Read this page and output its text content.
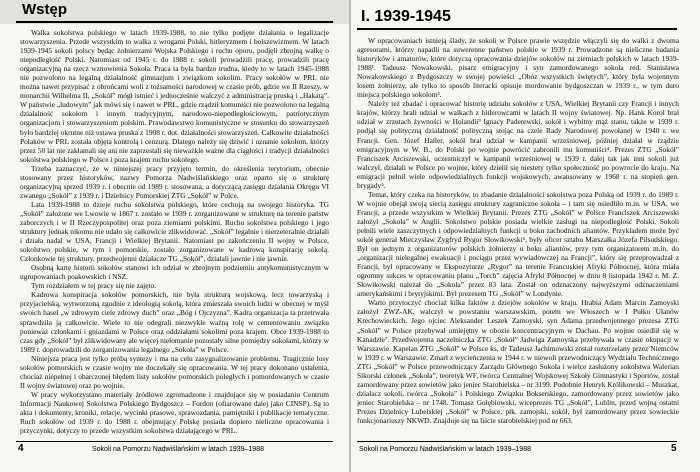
Wstęp

Walka sokolstwa polskiego w latach 1939-1988, to nie tylko podjęte działania o legalizacje stowarzyszenia. Przede wszystkim to walka z wrogami Polski, hitleryzmem i bolszewizmem. W latach 1939-1945 sokoli polscy będąc żołnierzami Wojska Polskiego i ruchu oporu, podjęli zbrojną walkę o niepodległość Polski. Natomiast od 1945 r. do 1988 r. sokoli prowadzili pracę, prowadzili pracę organizacyjną na rzecz wznowienia Sokoła. Praca ta była bardzo trudna, kiedy to w latach 1945-1988 nie pozwolono na legalną działalność gimnazjum i związkom sokolim. Pracy sokołów w PRL nie można nawet przypisać z obrońcami woli z tożsamości narodowej w czasie prób, gdzie we II Rzeszy, w monarchii Wilhelma II, „Sokół” mógł istnieć i jednocześnie walczyć z administracją pruską i „Hakatą”. W państwie „ludowym” jak mówi się i nawet w PRL, gdzie rządził komuniści nie pozwolono na legalną działalność sokołom i innym tradycyjnym, narodowo-niepodległościowym, patriotycznym organizacjom i stowarzyszeniom polskim. Prawodawstwo komunistyczne w stosunku do stowarzyszeń było bardziej okrutne niż ustawa pruska z 1908 r. dot. działalności stowarzyszeń. Całkowite działalności Polaków w PRL została objęta kontrolą i cenzurą. Dlatego należy się dziwić i uznanie sokołom, którzy przez 50 lat nie zakłamali się ani nie zaprzestali się nieważkle ważne dla ciągłości i tradycji działalności sokolstwa polskiego w Polsce i poza krajem ruchu sokolego.

Trzeba zaznaczyć, że w niniejszej pracy przyjęto termin, do określenia terytorium, obecnie stosowany przez historyków, nazwy Pomorza Nadwiślańskiego oraz oparto się o strukturę organizacyjną sprzed 1939 r. i obecnie od 1989 r. stosowana, a dotyczącą zasięgu działania Okręgu VI zwanego „Sokół” z 1939 r. i Dzielnicy Pomorskiej ZTG „Sokół” w Polce.

Lata 1939-1988 to dzieje ruchu sokolstwa polskiego, które cechują na swojego historyka. TG „Sokół” założone we Lwowie w 1867 r. zostało w 1939 r. zorganizowane w strukturę na terenie państw zaborczych i w II Rzeczypospolitej oraz poza ziemiami polskimi. Ruchu sokolstwa polskiego i jego struktury jednak nikomu nie udało się całkowicie zlikwidować. „Sokół” legalnie i nierzeteralnie działali i działa nadal w USA, Francji i Wielkiej Brytanii. Natomiast po zakończeniu II wojny w Polsce, sokolstwo polskie, w tym i pomorskie, zostało zorganizowane w kadrową konspirację sokolą. Członkowie tej struktury, przedwojenni działacze TG „Sokół”, działali jawnie i nie jawnie.

Osobną kartę historii sokołów stanowi ich udział w zbrojnym podziemiu antykomunistycznym w ugrupowaniach poakowskich i NSZ.

Tym rozdziałem w tej pracy się nie zajęto.

Kadrowa konspiracja sokołów pomorskich, nie była strukturą wojskową, lecz towarzyską i przyjacielską, wytworzoną zgodnie z ideologią sokolą, która zmieszała swoich ludzi w obecnej w myśl swoich haseł „w zdrowym ciele zdrowy duch” oraz „Bóg i Ojczyzna”. Kadra organizacja ta przetrwała sprawdziła ją całkowicie. Wiele to nie odegrali niezwykłe ważną rolę w cementowaniu związku ponieważ członkami i gniazdami w Polsce oraz oddziałami sokolimi poza krajem. Obce 1939-1988 to czas gdy „Sokół” był zlikwidowany ale więcej niełomanie pozostały silne pomiędzy sokołami, którzy w 1989 r. doprowadzili do zorganizowania legalnego „Sokoła” w Polsce.

Niniejsza praca jest tylko próbą syntezy i ma na celu zasygnalizowanie problemu. Tragicznie losy sokołów pomorskich w czasie wojny nie doczekały się opracowania. W tej pracy dokonano ustalenia, chociaż niepełnej i obarczonej błędem listy sokołów pomorskich poległych i pomordowanych w czasie II wojny światowej oraz po wojnie.

W pracy wykorzystano materiały źródłowe zgromadzone i znajdujące się w posiadaniu Centrum Informacji Naukowej Sokolstwa Polskiego Bydgoszcz – Fordon (ofiarowane dalej jako CINSP). Są to akta i dokumenty, kroniki, relacje, wycinki prasowe, sprawozdania, pamiętniki i publikacje tematyczne. Ruch sokołów od 1939 r. do 1988 r. obejmujący Polskę posiada dopiero nieliczne opracowania i przyczynki, dotyczy to przede wszystkim sokolstwa działającego w PRL.

4	Sokoli na Pomorzu Nadwiślańskim w latach 1939–1988
I. 1939-1945

W opracowaniach istnieją ślady, że sokoli w Polsce prawie wszędzie włączyli się do walki z dwoma agresorami, którzy napadli na suwerenne państwo polskie w 1939 r. Prowadzone są nieliczne badania historyków i amatorów, które dotyczą opracowania dziejów sokołów na ziemiach polskich w latach 1939-1988¹. Tadeusz Nowakowski, pisarz emigracyjny i syn zamordowanego sokoła red. Stanisława Nowakowskiego z Bydgoszczy w swojej powieści „Obóz wszystkich świętych”, który była wojennym losem żołnierzy, ale tylko to sposób literacki opisuje mordowanie bydgoszczan w 1939 r., w tym duro miejsca polskiego sokolom².

Należy też zbadać i opracować historię udziału sokołów z USA, Wielkiej Brytanii czy Francji i innych krajów, którzy brali udział w walkach z hitlerowcami w latach II wojny światowej. Np. Hank Korol brał udział w zrzutach żywności w Holandii³ Ignacy Paderewski, sokół i wybitny mąż stanu, także w 1939 r. podjął się polityczną działalność polityczną stojąc na czele Rady Narodowej powołanej w 1940 r. we Francji. Gen. Józef Haller, sokół brał udział w kampanii wrześniowej, później działał w rządzie emigracyjnym w W. B., do Polski po wojnie powrócić zabronili mu komuniści⁴. Prezes ZTG „Sokół” Franciszek Arciszewski, uczestniczył w kampanii wrześniowej w 1939 r. dalej tak jak inni sokoli już walczył, działali w Polsce po wojnie, który dzielił się niestety tylko społeczność po powrocie do kraju. Na emigracji pełnił wiele odpowiedzialnych funkcji wojskowych, awansowany w 1968 r. na stopień gen. brygady⁵.

Temat, który czeka na historyków, to zbadanie działalności sokolstwa poza Polską od 1939 r. do 1989 r. W wojnie obejął swoją siecią zasięgu struktury zagraniczne sokoła – i tam się osiedliło m.in. w USA, we Francji, a przede wszystkim w Wielkiej Brytanii. Prezes ZTG „Sokół” w Polsce Franciszek Arciszewski założył „Sokoła” w Anglii. Sokolstwo polskie posiada wielkie zasługi na niepodległość Polski. Sokoli pełnili wiele zaszczytnych i odpowiedzialnych funkcji u boku zachodnich aliantów. Przykładem może być sokół generał Mieczysław Zygfryd Rygor Słowikowski⁶, były oficer sztabu Marszałka Józefa Piłsudskiego. Był on jednym z organizatorów polskich żołnierzy u boku aliantów, przy tym organizatorem m.in. do „organizacji nielegalnej ewakuacji i pociągu przez wywiadowczej na Francji”, który się przeprowadzał z Francji, był opracowany w Ekspozyturze „Rygor” na terenie Francuskiej Afryki Północnej, która miała ogromny sukces w opracowaniu planu „Torch” zajęcia Afryki Północnej w dniu 8 listopada 1942 r. M. Z. Słowikowski należał do „Sokoła” przez 83 lata. Został on odznaczony najwyższymi odznaczeniami amerykańskimi i brytyjskimi. Był prezesem TG „Sokół” w Londynie.

Warto przytoczyć chociaż kilka faktów z dziejów sokołów w kraju. Hrabia Adam Marcin Zamoyski założył ZWZ-AK, walczył w powstaniu warszawskim, potem we Włoszech w I Pułku Ułanów Krechowieckich. Jego ojciec Aleksander Leszek Zamoyski, syn Adama przedwojennego prezesa ZTG „Sokół” w Polsce przebywał umiejętny w obozie koncentracyjnym w Dachau. Po wojnie osiedlił się w Kanadzie⁷. Przedwojenna naczelniczka ZTG „Sokół” Jadwiga Zamoyska przebywała w czasie okupacji w Warszawie. Kapelan ZTG „Sokół” w Polsce ks. dr Tadeusz Jachimowski został rozstrzelany przez Niemców w 1939 r. w Warszawie. Zmarł z wycieńczenia w 1944 r. w niewoli przewodniczący Wydziału Technicznego ZTG „Sokół” w Polsce przewodniczący Zarządu Głównego Sokola i wielce zasłużony sokolstwa Walerian Sikorski członek „Sokoła”, teoretyk WF, twórca Centralnej Wojskowej Szkoły Gimnastyki i Sportów, został zamordowany przez sowietów jako jeniec Starobielska – nr 3199. Podobnie Henryk Królikowski – Muszkat, działacz sokoli, twórca „Sokoła” i Polskiego Związku Bokserskiego, zamordowany przez sowietów jako jeniec Starobielska – nr 1748. Tomasz Gołębiowski, wiceprezes TG „Sokół”, Lublin, przed wojną ostatni Prezes Dzielnicy Lubelskiej „Sokół” w Polsce, płk. zamojski, sokół, był zamordowany przez sowieckie funkcjonariuszy NKWD. Znajduje się na liście starobielskiej pod nr 663.

Sokoli na Pomorzu Nadwiślańskim w latach 1939–1988	5
